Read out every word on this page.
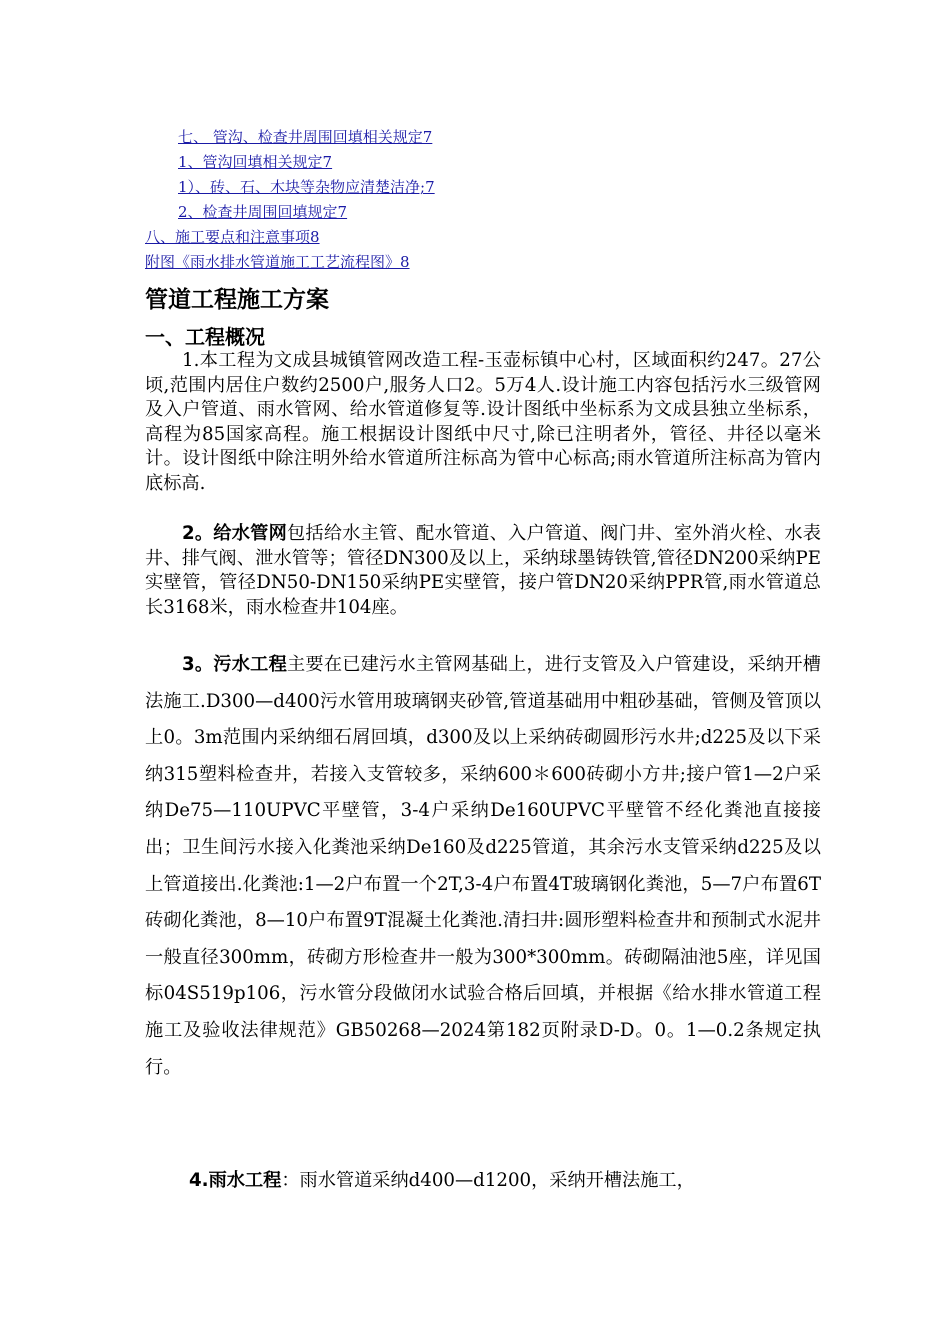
七、 管沟、检查井周围回填相关规定7
1、管沟回填相关规定7
1）、砖、石、木块等杂物应清楚洁净;7
2、检查井周围回填规定7
八、施工要点和注意事项8
附图《雨水排水管道施工工艺流程图》8
管道工程施工方案
一、工程概况
1.本工程为文成县城镇管网改造工程-玉壶标镇中心村，区域面积约247。27公顷,范围内居住户数约2500户,服务人口2。5万4人.设计施工内容包括污水三级管网及入户管道、雨水管网、给水管道修复等.设计图纸中坐标系为文成县独立坐标系，高程为85国家高程。施工根据设计图纸中尺寸,除已注明者外，管径、井径以毫米计。设计图纸中除注明外给水管道所注标高为管中心标高;雨水管道所注标高为管内底标高.
2。给水管网包括给水主管、配水管道、入户管道、阀门井、室外消火栓、水表井、排气阀、泄水管等；管径DN300及以上，采纳球墨铸铁管,管径DN200采纳PE实壁管，管径DN50-DN150采纳PE实壁管，接户管DN20采纳PPR管,雨水管道总长3168米，雨水检查井104座。
3。污水工程主要在已建污水主管网基础上，进行支管及入户管建设，采纳开槽法施工.D300—d400污水管用玻璃钢夹砂管,管道基础用中粗砂基础，管侧及管顶以上0。3m范围内采纳细石屑回填，d300及以上采纳砖砌圆形污水井;d225及以下采纳315塑料检查井，若接入支管较多，采纳600＊600砖砌小方井;接户管1—2户采纳De75—110UPVC平壁管，3-4户采纳De160UPVC平壁管不经化粪池直接接出；卫生间污水接入化粪池采纳De160及d225管道，其余污水支管采纳d225及以上管道接出.化粪池:1—2户布置一个2T,3-4户布置4T玻璃钢化粪池，5—7户布置6T砖砌化粪池，8—10户布置9T混凝土化粪池.清扫井:圆形塑料检查井和预制式水泥井一般直径300mm，砖砌方形检查井一般为300*300mm。砖砌隔油池5座，详见国标04S519p106，污水管分段做闭水试验合格后回填，并根据《给水排水管道工程施工及验收法律规范》GB50268—2024第182页附录D-D。0。1—0.2条规定执行。
4.雨水工程：雨水管道采纳d400—d1200，采纳开槽法施工，
